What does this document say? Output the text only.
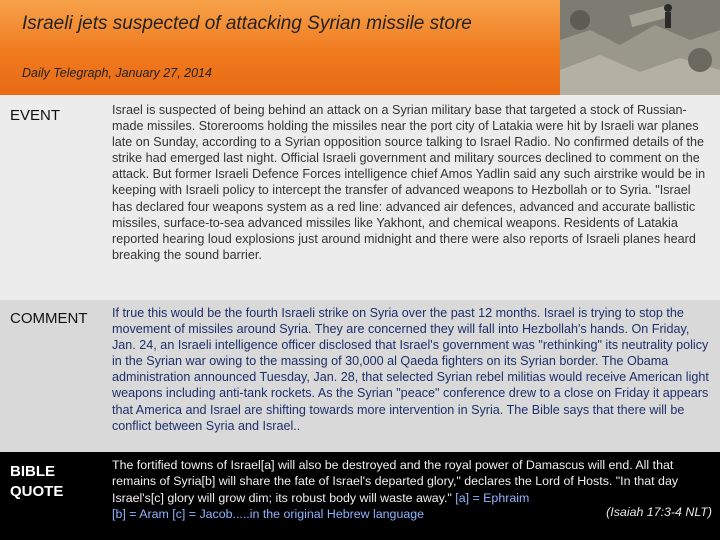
Israeli jets suspected of attacking Syrian missile store
Daily Telegraph, January 27, 2014
EVENT	Israel is suspected of being behind an attack on a Syrian military base that targeted a stock of Russian-made missiles. Storerooms holding the missiles near the port city of Latakia were hit by Israeli war planes late on Sunday, according to a Syrian opposition source talking to Israel Radio. No confirmed details of the strike had emerged last night. Official Israeli government and military sources declined to comment on the attack. But former Israeli Defence Forces intelligence chief Amos Yadlin said any such airstrike would be in keeping with Israeli policy to intercept the transfer of advanced weapons to Hezbollah or to Syria. "Israel has declared four weapons system as a red line: advanced air defences, advanced and accurate ballistic missiles, surface-to-sea advanced missiles like Yakhont, and chemical weapons. Residents of Latakia reported hearing loud explosions just around midnight and there were also reports of Israeli planes heard breaking the sound barrier.
COMMENT If true this would be the fourth Israeli strike on Syria over the past 12 months. Israel is trying to stop the movement of missiles around Syria. They are concerned they will fall into Hezbollah's hands. On Friday, Jan. 24, an Israeli intelligence officer disclosed that Israel's government was "rethinking" its neutrality policy in the Syrian war owing to the massing of 30,000 al Qaeda fighters on its Syrian border. The Obama administration announced Tuesday, Jan. 28, that selected Syrian rebel militias would receive American light weapons including anti-tank rockets. As the Syrian "peace" conference drew to a close on Friday it appears that America and Israel are shifting towards more intervention in Syria. The Bible says that there will be conflict between Syria and Israel..
BIBLE
QUOTE
The fortified towns of Israel[a] will also be destroyed and the royal power of Damascus will end. All that remains of Syria[b] will share the fate of Israel's departed glory," declares the Lord of Hosts. "In that day Israel's[c] glory will grow dim; its robust body will waste away." [a] = Ephraim
[b] = Aram [c] = Jacob.....in the original Hebrew language	(Isaiah 17:3-4 NLT)
